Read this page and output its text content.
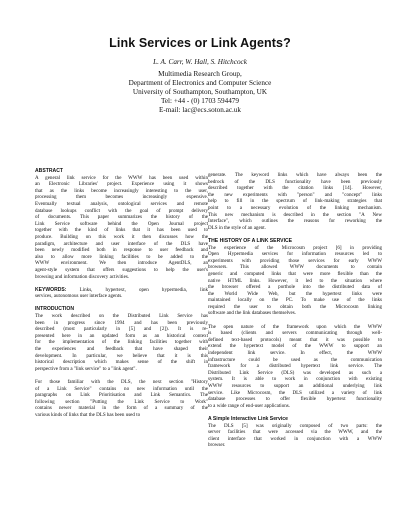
Link Services or Link Agents?
L. A. Carr, W. Hall, S. Hitchcock
Multimedia Research Group,
Department of Electronics and Computer Science
University of Southampton, Southampton, UK
Tel: +44 - (0) 1703 594479
E-mail: lac@ecs.soton.ac.uk
ABSTRACT
A general link service for the WWW has been used within
an Electronic Libraries' project. Experience using it shows
that as the links become increasingly interesting to the user,
processing them becomes increasingly expensive.
Eventually textual analysis, ontological services and remote
database lookups conflict with the goal of prompt delivery
of documents. This paper summarizes the history of the
Link Service software behind the Open Journal project
together with the kind of links that it has been used to
produce. Building on this work it then discusses how the
paradigm, architecture and user interface of the DLS have
been newly modified both in response to user feedback and
also to allow more linking facilities to be added to the
WWW environment. We then introduce AgentDLS, an
agent-style system that offers suggestions to help the user's
browsing and information discovery activities.
KEYWORDS: Links, hypertext, open hypermedia, link
services, autonomous user interface agents.
INTRODUCTION
The work described on the Distributed Link Service has
been in progress since 1994 and has been previously
described (most particularly in [5] and [2]). It is re-
presented here in an updated form as an historical context
for the implementation of the linking facilities together with
the experiences and feedback that have shaped their
development. In particular, we believe that it is this
historical description which makes sense of the shift in
perspective from a "link service" to a "link agent".
For those familiar with the DLS, the next section "History
of a Link Service" contains no new information until the
paragraphs on Link Prioritisation and Link Semantics. The
following section "Putting the Link Service to Work"
contains newer material in the form of a summary of the
various kinds of links that the DLS has been used to
generate. The keyword links which have always been the
bedrock of the DLS functionality have been previously
described together with the citation links [14]. However,
the new experiments with "person" and "concept" links
help to fill in the spectrum of link-making strategies that
point to a necessary evolution of the linking mechanism.
This new mechanism is described in the section "A New
Interface", which outlines the reasons for reworking the
DLS in the style of an agent.
THE HISTORY OF A LINK SERVICE
The experience of the Microcosm project [6] in providing
Open Hypermedia services for information resources led to
experiments with providing those services for early WWW
browsers. This allowed WWW documents to contain
generic and computed links that were more flexible than the
native HTML links. However, it led to the situation where
the browser offered a porthole into the distributed data of
the World Wide Web, but the hypertext links were
maintained locally on the PC. To make use of the links
required the user to obtain both the Microcosm linking
software and the link databases themselves.
The open nature of the framework upon which the WWW
is based (clients and servers communicating through well-
defined text-based protocols) meant that it was possible to
extend the hypertext model of the WWW to support an
independent link service. In effect, the WWW
infrastructure could be used as the communication
framework for a distributed hypertext link service. The
Distributed Link Service (DLS) was developed as such a
system. It is able to work in conjunction with existing
WWW resources to support an additional underlying link
service. Like Microcosm, the DLS utilized a variety of link
database processes to offer flexible hypertext functionality
to a wide range of end-user applications.
A Simple Interactive Link Service
The DLS [5] was originally composed of two parts: the
server facilities that were accessed via the WWW, and the
client interface that worked in conjunction with a WWW
browser.
